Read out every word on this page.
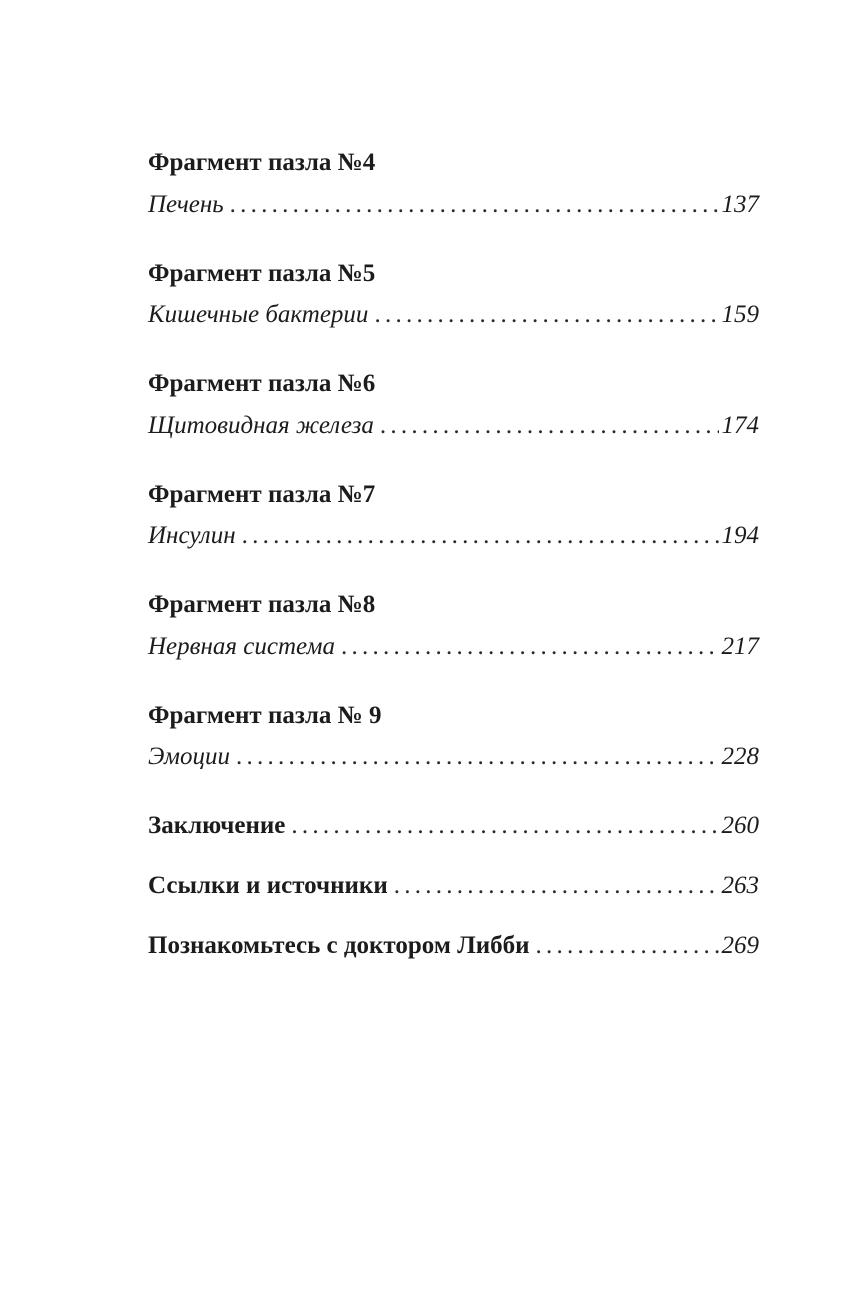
Фрагмент пазла №4
Печень . . .	137
Фрагмент пазла №5
Кишечные бактерии . . .	159
Фрагмент пазла №6
Щитовидная железа . . .	174
Фрагмент пазла №7
Инсулин . . .	194
Фрагмент пазла №8
Нервная система . . .	217
Фрагмент пазла № 9
Эмоции . . .	228
Заключение . . .	260
Ссылки и источники . . .	263
Познакомьтесь с доктором Либби . . .	269
